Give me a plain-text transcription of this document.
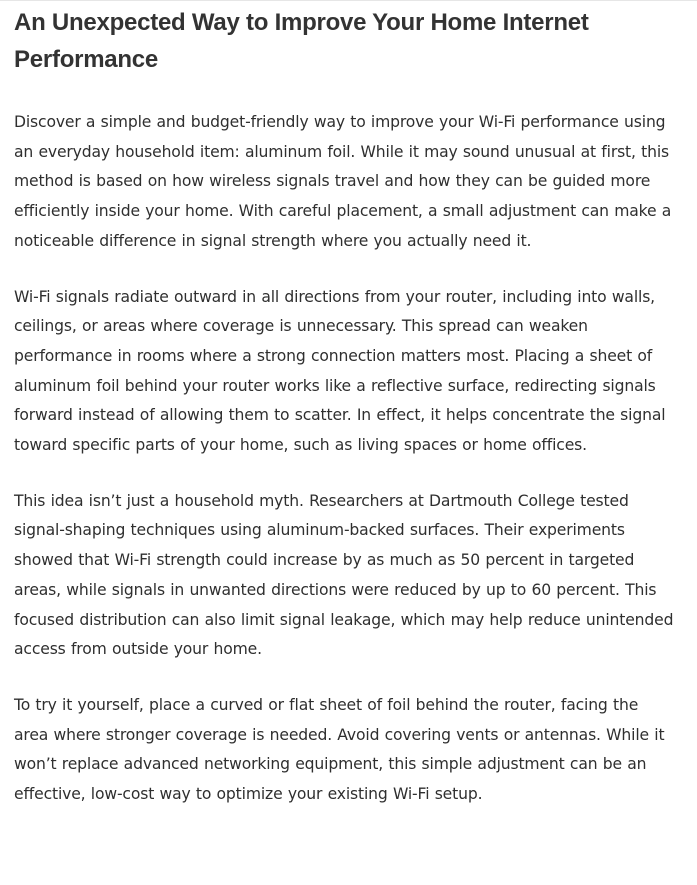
An Unexpected Way to Improve Your Home Internet Performance

Discover a simple and budget-friendly way to improve your Wi-Fi performance using an everyday household item: aluminum foil. While it may sound unusual at first, this method is based on how wireless signals travel and how they can be guided more efficiently inside your home. With careful placement, a small adjustment can make a noticeable difference in signal strength where you actually need it.

Wi-Fi signals radiate outward in all directions from your router, including into walls, ceilings, or areas where coverage is unnecessary. This spread can weaken performance in rooms where a strong connection matters most. Placing a sheet of aluminum foil behind your router works like a reflective surface, redirecting signals forward instead of allowing them to scatter. In effect, it helps concentrate the signal toward specific parts of your home, such as living spaces or home offices.

This idea isn’t just a household myth. Researchers at Dartmouth College tested signal-shaping techniques using aluminum-backed surfaces. Their experiments showed that Wi-Fi strength could increase by as much as 50 percent in targeted areas, while signals in unwanted directions were reduced by up to 60 percent. This focused distribution can also limit signal leakage, which may help reduce unintended access from outside your home.

To try it yourself, place a curved or flat sheet of foil behind the router, facing the area where stronger coverage is needed. Avoid covering vents or antennas. While it won’t replace advanced networking equipment, this simple adjustment can be an effective, low-cost way to optimize your existing Wi-Fi setup.
